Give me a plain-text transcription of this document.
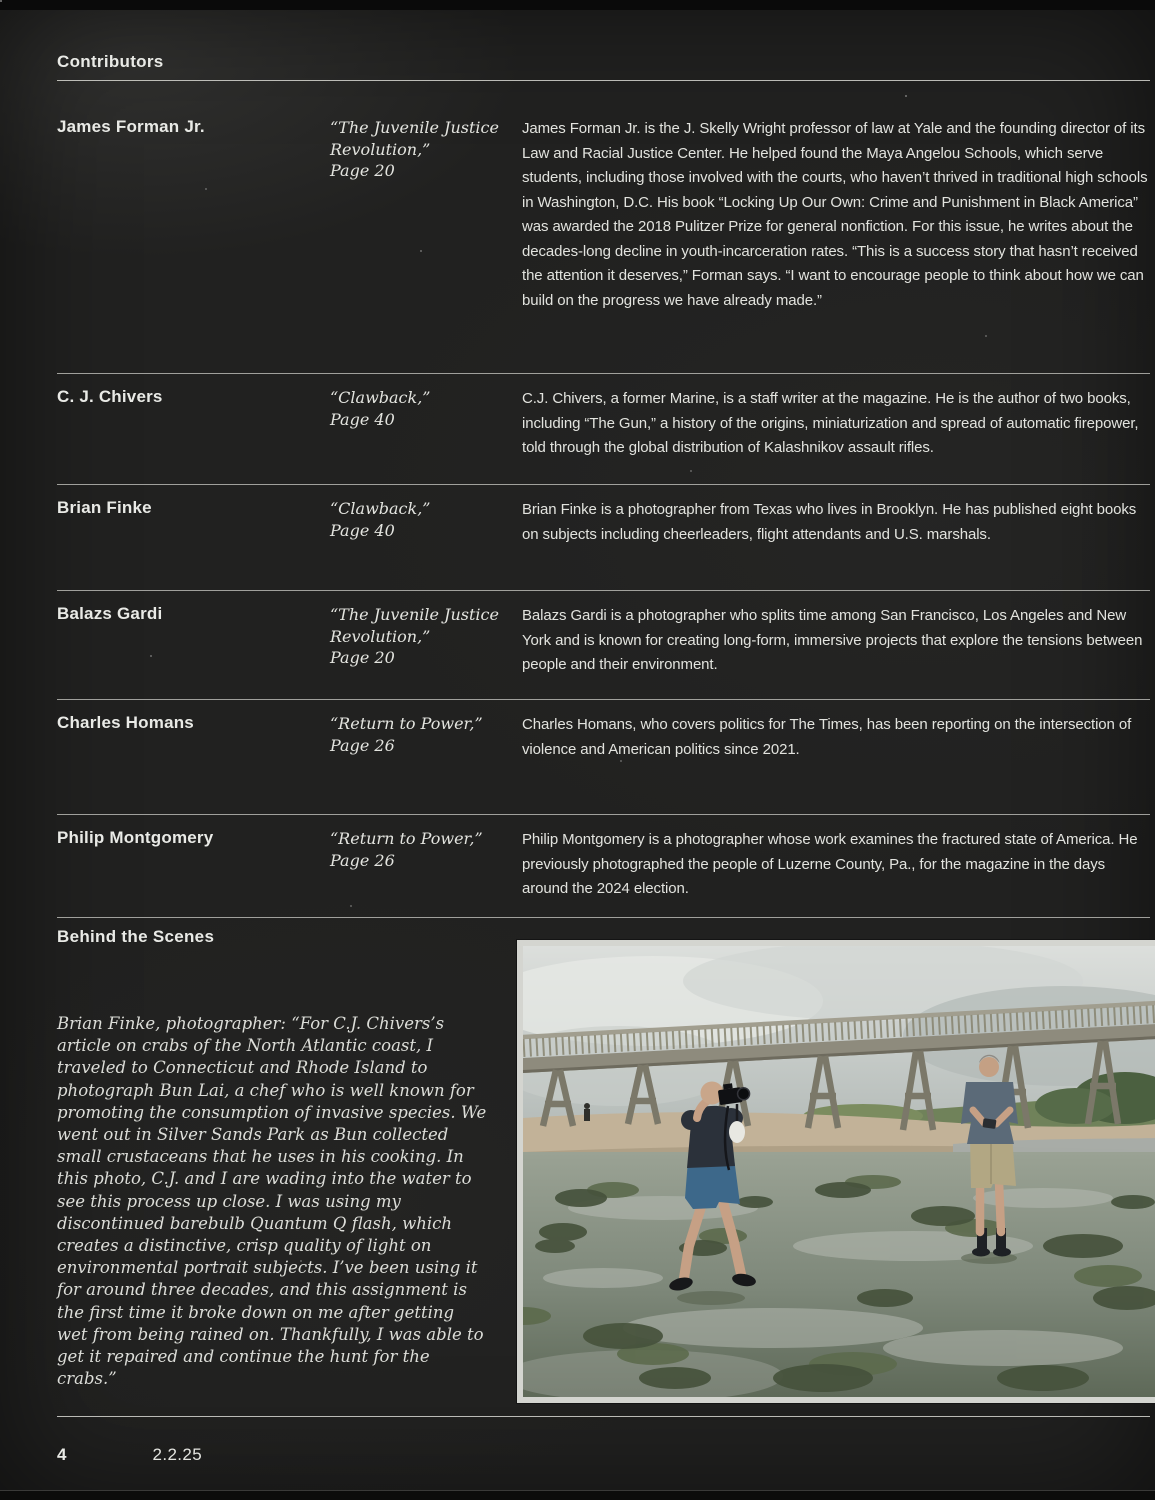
Contributors
James Forman Jr.	“The Juvenile Justice Revolution,”
Page 20
James Forman Jr. is the J. Skelly Wright professor of law at Yale and the founding director of its Law and Racial Justice Center. He helped found the Maya Angelou Schools, which serve students, including those involved with the courts, who haven’t thrived in traditional high schools in Washington, D.C. His book “Locking Up Our Own: Crime and Punishment in Black America” was awarded the 2018 Pulitzer Prize for general nonfiction. For this issue, he writes about the decades-long decline in youth-incarceration rates. “This is a success story that hasn’t received the attention it deserves,” Forman says. “I want to encourage people to think about how we can build on the progress we have already made.”
C. J. Chivers	“Clawback,”
Page 40
C.J. Chivers, a former Marine, is a staff writer at the magazine. He is the author of two books, including “The Gun,” a history of the origins, miniaturization and spread of automatic firepower, told through the global distribution of Kalashnikov assault rifles.
Brian Finke	“Clawback,”
Page 40
Brian Finke is a photographer from Texas who lives in Brooklyn. He has published eight books on subjects including cheerleaders, flight attendants and U.S. marshals.
Balazs Gardi	“The Juvenile Justice Revolution,”
Page 20
Balazs Gardi is a photographer who splits time among San Francisco, Los Angeles and New York and is known for creating long-form, immersive projects that explore the tensions between people and their environment.
Charles Homans	“Return to Power,”
Page 26
Charles Homans, who covers politics for The Times, has been reporting on the intersection of violence and American politics since 2021.
Philip Montgomery	“Return to Power,”
Page 26
Philip Montgomery is a photographer whose work examines the fractured state of America. He previously photographed the people of Luzerne County, Pa., for the magazine in the days around the 2024 election.
Behind the Scenes
Brian Finke, photographer: “For C.J. Chivers’s article on crabs of the North Atlantic coast, I traveled to Connecticut and Rhode Island to photograph Bun Lai, a chef who is well known for promoting the consumption of invasive species. We went out in Silver Sands Park as Bun collected small crustaceans that he uses in his cooking. In this photo, C.J. and I are wading into the water to see this process up close. I was using my discontinued barebulb Quantum Q flash, which creates a distinctive, crisp quality of light on environmental portrait subjects. I’ve been using it for around three decades, and this assignment is the first time it broke down on me after getting wet from being rained on. Thankfully, I was able to get it repaired and continue the hunt for the crabs.”
4	2.2.25
